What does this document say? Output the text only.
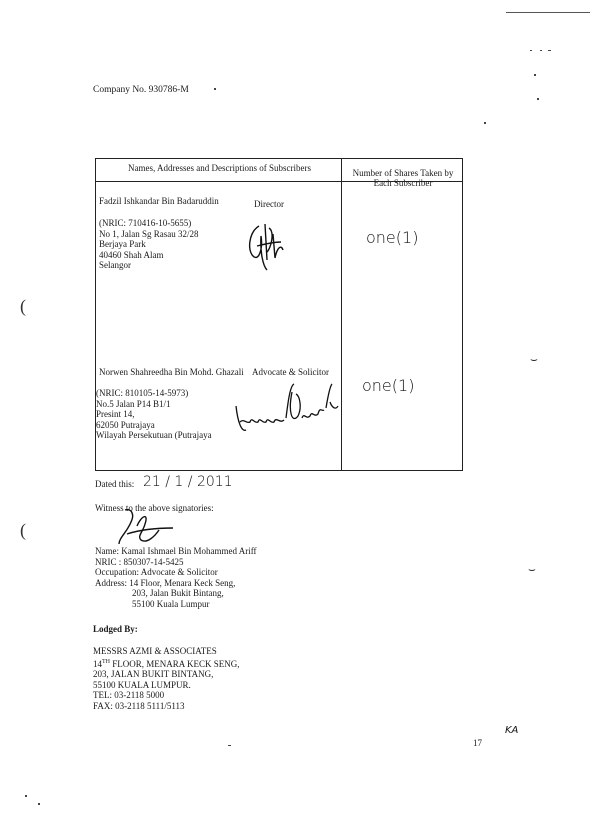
Company No. 930786-M
Names, Addresses and Descriptions of Subscribers	Number of Shares Taken by Each Subscriber
Fadzil Ishkandar Bin Badaruddin	Director
(NRIC: 710416-10-5655)
No 1, Jalan Sg Rasau 32/28
Berjaya Park
40460 Shah Alam
Selangor
one(1)
Norwen Shahreedha Bin Mohd. Ghazali Advocate & Solicitor
(NRIC: 810105-14-5973)
No.5 Jalan P14 B1/1
Presint 14,
62050 Putrajaya
Wilayah Persekutuan (Putrajaya
one(1)
Dated this: 21 / 1 / 2011
Witness to the above signatories:
Name: Kamal Ishmael Bin Mohammed Ariff
NRIC : 850307-14-5425
Occupation: Advocate & Solicitor
Address: 14 Floor, Menara Keck Seng,
203, Jalan Bukit Bintang,
55100 Kuala Lumpur
Lodged By:
MESSRS AZMI & ASSOCIATES
14TH FLOOR, MENARA KECK SENG,
203, JALAN BUKIT BINTANG,
55100 KUALA LUMPUR.
TEL: 03-2118 5000
FAX: 03-2118 5111/5113
17
KA
(
(
⌣
⌣
